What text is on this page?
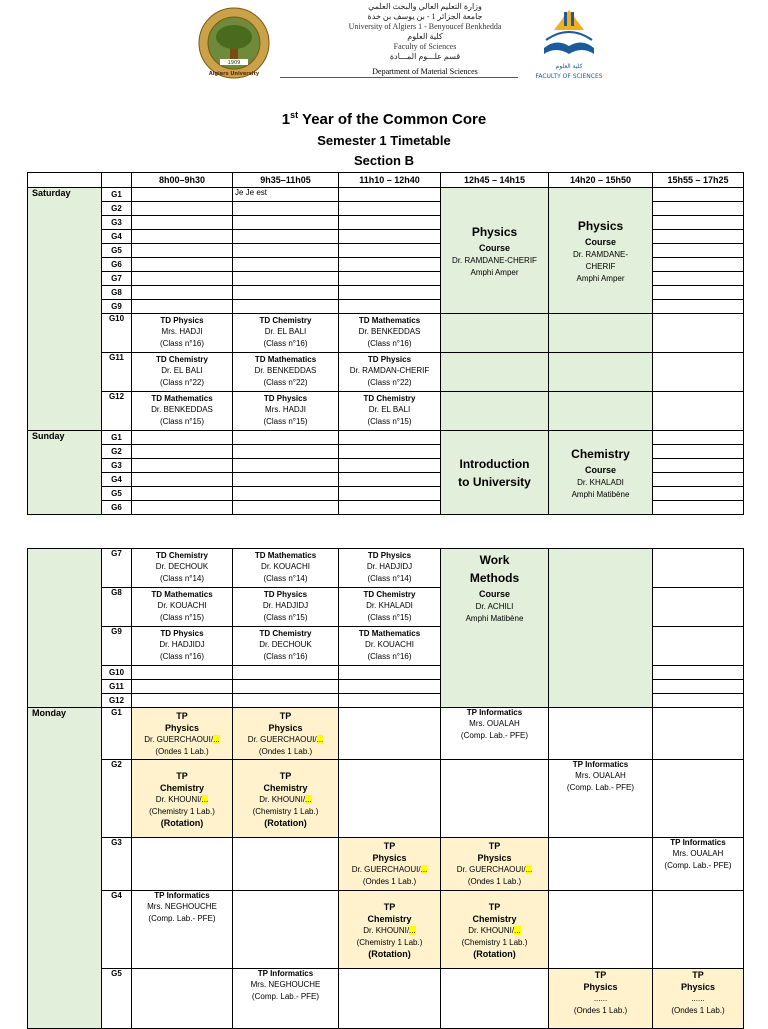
1909
Algiers University
وزارة التعليم العالي والبحث العلمي
جامعة الجزائر 1 - بن يوسف بن خدة
University of Algiers 1 - Benyoucef Benkhedda
كلية العلوم
Faculty of Sciences
قسم علـــوم المـــادة
Department of Material Sciences
كلية العلوم
FACULTY OF SCIENCES
1st Year of the Common Core
Semester 1 Timetable
Section B
		8h00–9h30	9h35–11h05	11h10 – 12h40	12h45 – 14h15	14h20 – 15h50	15h55 – 17h25
Saturday	G1		Je Je est		Physics
Course
Dr. RAMDANE-CHERIF
Amphi Amper	Physics
Course
Dr. RAMDANE-
CHERIF
Amphi Amper	

	G2						
	G3						
	G4						
	G5						
	G6						
	G7						
	G8						
	G9						
	G10	TD Physics
Mrs. HADJI
(Class n°16)	TD Chemistry
Dr. EL BALI
(Class n°16)	TD Mathematics
Dr. BENKEDDAS
(Class n°16)			

	G11	TD Chemistry
Dr. EL BALI
(Class n°22)	TD Mathematics
Dr. BENKEDDAS
(Class n°22)	TD Physics
Dr. RAMDAN-CHERIF
(Class n°22)			

	G12	TD Mathematics
Dr. BENKEDDAS
(Class n°15)	TD Physics
Mrs. HADJI
(Class n°15)	TD Chemistry
Dr. EL BALI
(Class n°15)			

Sunday	G1				Introduction
to University	Chemistry
Course
Dr. KHALADI
Amphi Matibène	

	G2						
	G3						
	G4						
	G5						
	G6						
	G7	TD Chemistry
Dr. DECHOUK
(Class n°14)	TD Mathematics
Dr. KOUACHI
(Class n°14)	TD Physics
Dr. HADJIDJ
(Class n°14)	Work
Methods
Course
Dr. ACHILI
Amphi Matibène		

	G8	TD Mathematics
Dr. KOUACHI
(Class n°15)	TD Physics
Dr. HADJIDJ
(Class n°15)	TD Chemistry
Dr. KHALADI
(Class n°15)			

	G9	TD Physics
Dr. HADJIDJ
(Class n°16)	TD Chemistry
Dr. DECHOUK
(Class n°16)	TD Mathematics
Dr. KOUACHI
(Class n°16)			

	G10						
	G11						
	G12						
Monday	G1	TP
Physics
Dr. GUERCHAOUI/...
(Ondes 1 Lab.)	TP
Physics
Dr. GUERCHAOUI/...
(Ondes 1 Lab.)		TP Informatics
Mrs. OUALAH
(Comp. Lab.- PFE)		

	G2	TP
Chemistry
Dr. KHOUNI/...
(Chemistry 1 Lab.)
(Rotation)	TP
Chemistry
Dr. KHOUNI/...
(Chemistry 1 Lab.)
(Rotation)			TP Informatics
Mrs. OUALAH
(Comp. Lab.- PFE)	

	G3			TP
Physics
Dr. GUERCHAOUI/...
(Ondes 1 Lab.)	TP
Physics
Dr. GUERCHAOUI/...
(Ondes 1 Lab.)		TP Informatics
Mrs. OUALAH
(Comp. Lab.- PFE)

	G4	TP Informatics
Mrs. NEGHOUCHE
(Comp. Lab.- PFE)		TP
Chemistry
Dr. KHOUNI/...
(Chemistry 1 Lab.)
(Rotation)	TP
Chemistry
Dr. KHOUNI/...
(Chemistry 1 Lab.)
(Rotation)		

	G5		TP Informatics
Mrs. NEGHOUCHE
(Comp. Lab.- PFE)			TP
Physics
......
(Ondes 1 Lab.)	TP
Physics
......
(Ondes 1 Lab.)
